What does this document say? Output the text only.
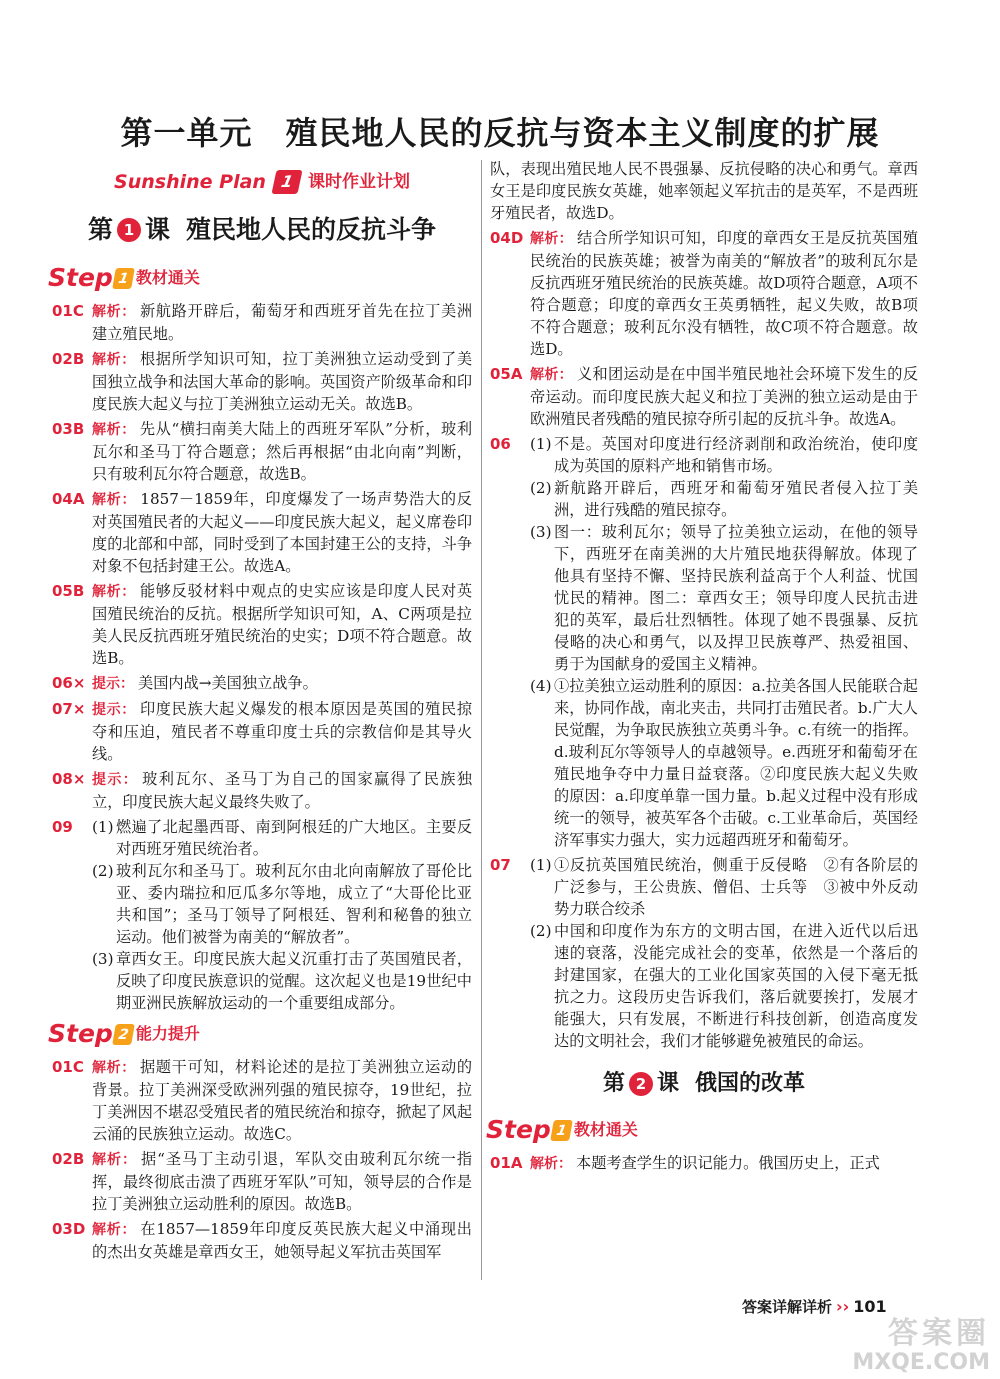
第一单元　殖民地人民的反抗与资本主义制度的扩展
Sunshine Plan 1 课时作业计划
第 1 课 殖民地人民的反抗斗争
Step 1 教材通关
01C 解析： 新航路开辟后，葡萄牙和西班牙首先在拉丁美洲建立殖民地。
02B 解析： 根据所学知识可知，拉丁美洲独立运动受到了美国独立战争和法国大革命的影响。英国资产阶级革命和印度民族大起义与拉丁美洲独立运动无关。故选B。
03B 解析： 先从“横扫南美大陆上的西班牙军队”分析，玻利瓦尔和圣马丁符合题意；然后再根据“由北向南”判断，只有玻利瓦尔符合题意，故选B。
04A 解析： 1857－1859年，印度爆发了一场声势浩大的反对英国殖民者的大起义——印度民族大起义，起义席卷印度的北部和中部，同时受到了本国封建王公的支持，斗争对象不包括封建王公。故选A。
05B 解析： 能够反驳材料中观点的史实应该是印度人民对英国殖民统治的反抗。根据所学知识可知，A、C两项是拉美人民反抗西班牙殖民统治的史实；D项不符合题意。故选B。
06× 提示： 美国内战→美国独立战争。
07× 提示： 印度民族大起义爆发的根本原因是英国的殖民掠夺和压迫，殖民者不尊重印度士兵的宗教信仰是其导火线。
08× 提示： 玻利瓦尔、圣马丁为自己的国家赢得了民族独立，印度民族大起义最终失败了。
09	(1) 燃遍了北起墨西哥、南到阿根廷的广大地区。主要反对西班牙殖民统治者。
(2) 玻利瓦尔和圣马丁。玻利瓦尔由北向南解放了哥伦比亚、委内瑞拉和厄瓜多尔等地，成立了“大哥伦比亚共和国”；圣马丁领导了阿根廷、智利和秘鲁的独立运动。他们被誉为南美的“解放者”。
(3) 章西女王。印度民族大起义沉重打击了英国殖民者，反映了印度民族意识的觉醒。这次起义也是19世纪中期亚洲民族解放运动的一个重要组成部分。
Step 2 能力提升
01C 解析： 据题干可知，材料论述的是拉丁美洲独立运动的背景。拉丁美洲深受欧洲列强的殖民掠夺，19世纪，拉丁美洲因不堪忍受殖民者的殖民统治和掠夺，掀起了风起云涌的民族独立运动。故选C。
02B 解析： 据“圣马丁主动引退，军队交由玻利瓦尔统一指挥，最终彻底击溃了西班牙军队”可知，领导层的合作是拉丁美洲独立运动胜利的原因。故选B。
03D 解析： 在1857—1859年印度反英民族大起义中涌现出的杰出女英雄是章西女王，她领导起义军抗击英国军
队，表现出殖民地人民不畏强暴、反抗侵略的决心和勇气。章西女王是印度民族女英雄，她率领起义军抗击的是英军，不是西班牙殖民者，故选D。
04D 解析： 结合所学知识可知，印度的章西女王是反抗英国殖民统治的民族英雄；被誉为南美的“解放者”的玻利瓦尔是反抗西班牙殖民统治的民族英雄。故D项符合题意，A项不符合题意；印度的章西女王英勇牺牲，起义失败，故B项不符合题意；玻利瓦尔没有牺牲，故C项不符合题意。故选D。
05A 解析： 义和团运动是在中国半殖民地社会环境下发生的反帝运动。而印度民族大起义和拉丁美洲的独立运动是由于欧洲殖民者残酷的殖民掠夺所引起的反抗斗争。故选A。
06	(1) 不是。英国对印度进行经济剥削和政治统治，使印度成为英国的原料产地和销售市场。
(2) 新航路开辟后，西班牙和葡萄牙殖民者侵入拉丁美洲，进行残酷的殖民掠夺。
(3) 图一：玻利瓦尔；领导了拉美独立运动，在他的领导下，西班牙在南美洲的大片殖民地获得解放。体现了他具有坚持不懈、坚持民族利益高于个人利益、忧国忧民的精神。图二：章西女王；领导印度人民抗击进犯的英军，最后壮烈牺牲。体现了她不畏强暴、反抗侵略的决心和勇气，以及捍卫民族尊严、热爱祖国、勇于为国献身的爱国主义精神。
(4) ①拉美独立运动胜利的原因：a.拉美各国人民能联合起来，协同作战，南北夹击，共同打击殖民者。b.广大人民觉醒，为争取民族独立英勇斗争。c.有统一的指挥。d.玻利瓦尔等领导人的卓越领导。e.西班牙和葡萄牙在殖民地争夺中力量日益衰落。②印度民族大起义失败的原因：a.印度单靠一国力量。b.起义过程中没有形成统一的领导，被英军各个击破。c.工业革命后，英国经济军事实力强大，实力远超西班牙和葡萄牙。
07	(1) ①反抗英国殖民统治，侧重于反侵略　②有各阶层的广泛参与，王公贵族、僧侣、士兵等　③被中外反动势力联合绞杀
(2) 中国和印度作为东方的文明古国，在进入近代以后迅速的衰落，没能完成社会的变革，依然是一个落后的封建国家，在强大的工业化国家英国的入侵下毫无抵抗之力。这段历史告诉我们，落后就要挨打，发展才能强大，只有发展，不断进行科技创新，创造高度发达的文明社会，我们才能够避免被殖民的命运。
第 2 课 俄国的改革
Step 1 教材通关
01A 解析： 本题考查学生的识记能力。俄国历史上，正式
答案详解详析 ›› 101
答案圈
MXQE.COM
